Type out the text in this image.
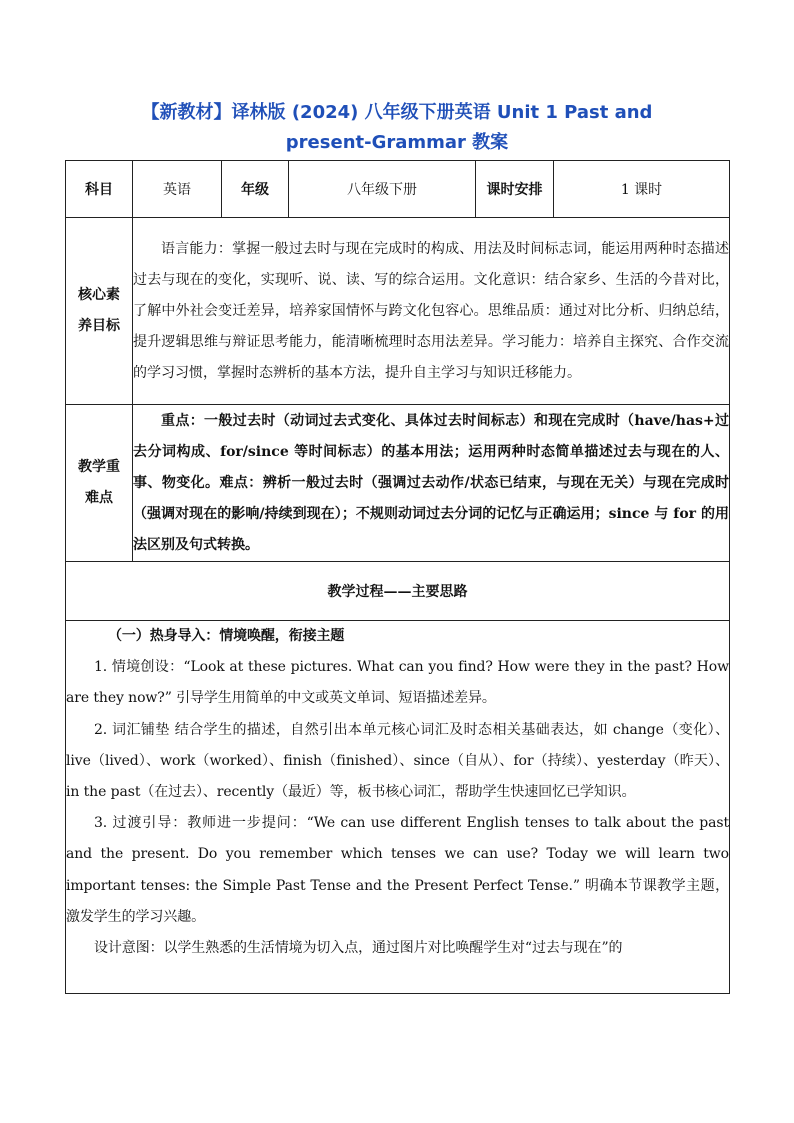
【新教材】译林版 (2024) 八年级下册英语 Unit 1 Past and
present-Grammar 教案
科目	英语	年级	八年级下册	课时安排	1 课时

核心素
养目标	语言能力：掌握一般过去时与现在完成时的构成、用法及时间标志词，能运用两种时态描述过去与现在的变化，实现听、说、读、写的综合运用。文化意识：结合家乡、生活的今昔对比，了解中外社会变迁差异，培养家国情怀与跨文化包容心。思维品质：通过对比分析、归纳总结，提升逻辑思维与辩证思考能力，能清晰梳理时态用法差异。学习能力：培养自主探究、合作交流的学习习惯，掌握时态辨析的基本方法，提升自主学习与知识迁移能力。				

教学重
难点	重点：一般过去时（动词过去式变化、具体过去时间标志）和现在完成时（have/has+过去分词构成、for/since 等时间标志）的基本用法；运用两种时态简单描述过去与现在的人、事、物变化。难点：辨析一般过去时（强调过去动作/状态已结束，与现在无关）与现在完成时（强调对现在的影响/持续到现在）；不规则动词过去分词的记忆与正确运用；since 与 for 的用法区别及句式转换。				
教学过程——主要思路					

（一）热身导入：情境唤醒，衔接主题

1. 情境创设：“Look at these pictures. What can you find? How were they in the past? How are they now?” 引导学生用简单的中文或英文单词、短语描述差异。

2. 词汇铺垫 结合学生的描述，自然引出本单元核心词汇及时态相关基础表达，如 change（变化）、live（lived）、work（worked）、finish（finished）、since（自从）、for（持续）、yesterday（昨天）、in the past（在过去）、recently（最近）等，板书核心词汇，帮助学生快速回忆已学知识。

3. 过渡引导：教师进一步提问：“We can use different English tenses to talk about the past and the present. Do you remember which tenses we can use? Today we will learn two important tenses: the Simple Past Tense and the Present Perfect Tense.” 明确本节课教学主题，激发学生的学习兴趣。

设计意图：以学生熟悉的生活情境为切入点，通过图片对比唤醒学生对“过去与现在”的					
